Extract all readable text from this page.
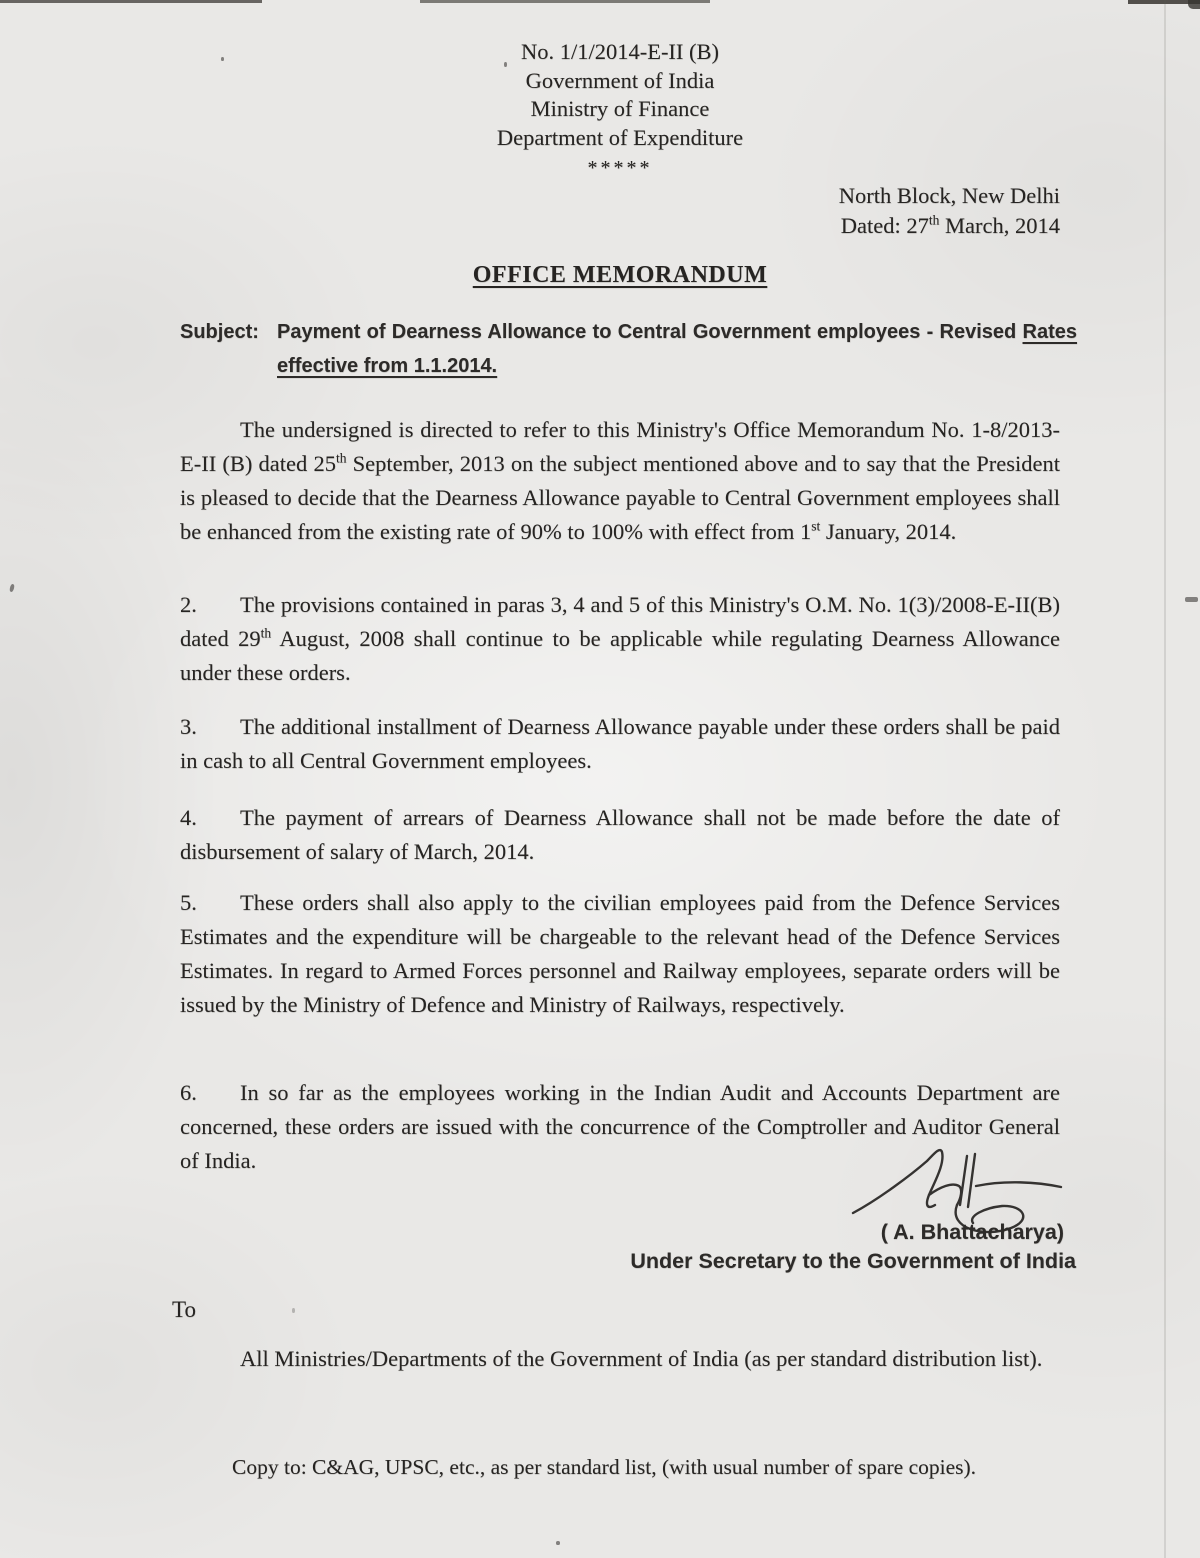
No. 1/1/2014-E-II (B)
Government of India
Ministry of Finance
Department of Expenditure
*****
North Block, New Delhi
Dated: 27th March, 2014
OFFICE MEMORANDUM
Subject: Payment of Dearness Allowance to Central Government employees - Revised Rates effective from 1.1.2014.

The undersigned is directed to refer to this Ministry's Office Memorandum No. 1-8/2013-E-II (B) dated 25th September, 2013 on the subject mentioned above and to say that the President is pleased to decide that the Dearness Allowance payable to Central Government employees shall be enhanced from the existing rate of 90% to 100% with effect from 1st January, 2014.

2. The provisions contained in paras 3, 4 and 5 of this Ministry's O.M. No. 1(3)/2008-E-II(B) dated 29th August, 2008 shall continue to be applicable while regulating Dearness Allowance under these orders.

3. The additional installment of Dearness Allowance payable under these orders shall be paid in cash to all Central Government employees.

4. The payment of arrears of Dearness Allowance shall not be made before the date of disbursement of salary of March, 2014.

5. These orders shall also apply to the civilian employees paid from the Defence Services Estimates and the expenditure will be chargeable to the relevant head of the Defence Services Estimates. In regard to Armed Forces personnel and Railway employees, separate orders will be issued by the Ministry of Defence and Ministry of Railways, respectively.

6. In so far as the employees working in the Indian Audit and Accounts Department are concerned, these orders are issued with the concurrence of the Comptroller and Auditor General of India.

( A. Bhattacharya)
Under Secretary to the Government of India
To

All Ministries/Departments of the Government of India (as per standard distribution list).

Copy to: C&AG, UPSC, etc., as per standard list, (with usual number of spare copies).
